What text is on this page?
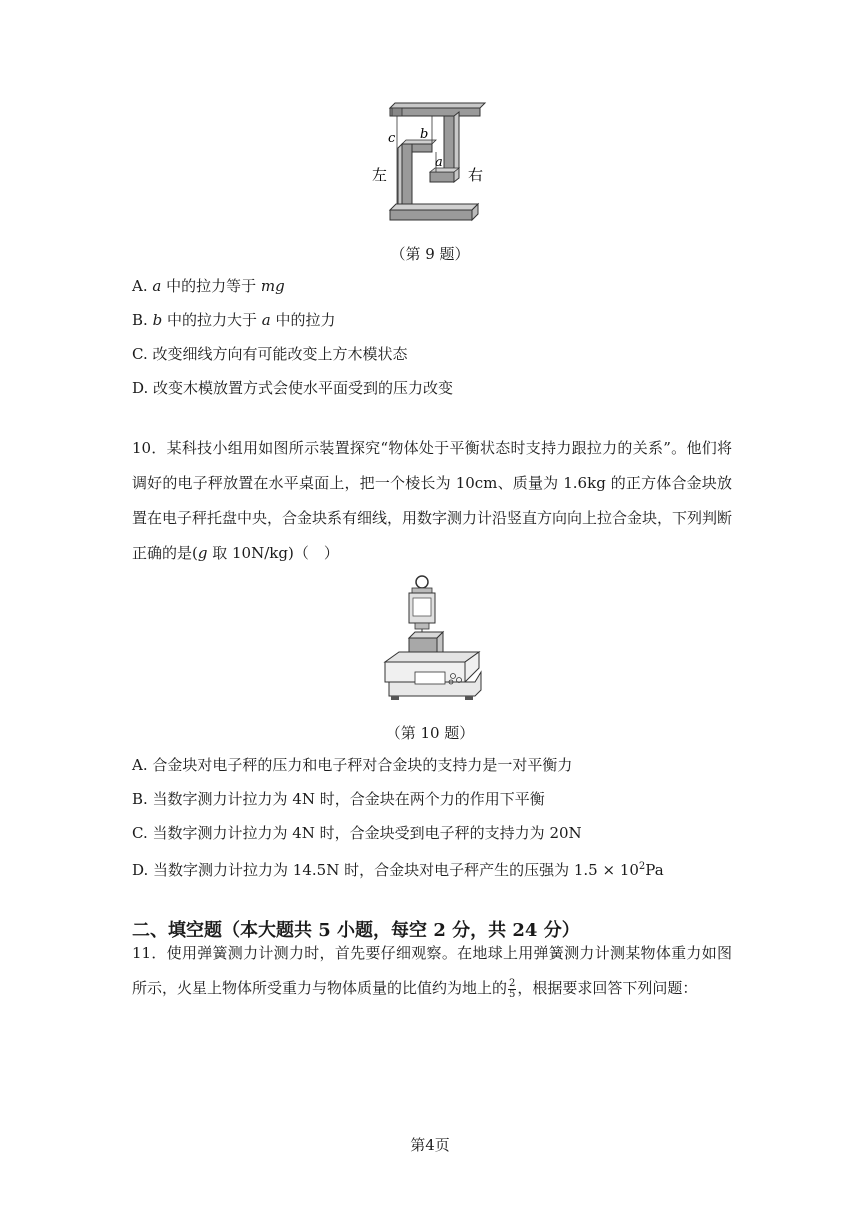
c b
a
左	右
（第 9 题）
A. a 中的拉力等于 mg
B. b 中的拉力大于 a 中的拉力
C. 改变细线方向有可能改变上方木模状态
D. 改变木模放置方式会使水平面受到的压力改变
10．某科技小组用如图所示装置探究“物体处于平衡状态时支持力跟拉力的关系”。他们将调好的电子秤放置在水平桌面上，把一个棱长为 10cm、质量为 1.6kg 的正方体合金块放置在电子秤托盘中央，合金块系有细线，用数字测力计沿竖直方向向上拉合金块，下列判断正确的是(g 取 10N/kg)（　）
（第 10 题）
A. 合金块对电子秤的压力和电子秤对合金块的支持力是一对平衡力
B. 当数字测力计拉力为 4N 时，合金块在两个力的作用下平衡
C. 当数字测力计拉力为 4N 时，合金块受到电子秤的支持力为 20N
D. 当数字测力计拉力为 14.5N 时，合金块对电子秤产生的压强为 $1.5 \times 10^2Pa$
二、填空题（本大题共 5 小题，每空 2 分，共 24 分）
11．使用弹簧测力计测力时，首先要仔细观察。在地球上用弹簧测力计测某物体重力如图所示，火星上物体所受重力与物体质量的比值约为地上的 $\frac{2}{5}$ ，根据要求回答下列问题：
第4页
